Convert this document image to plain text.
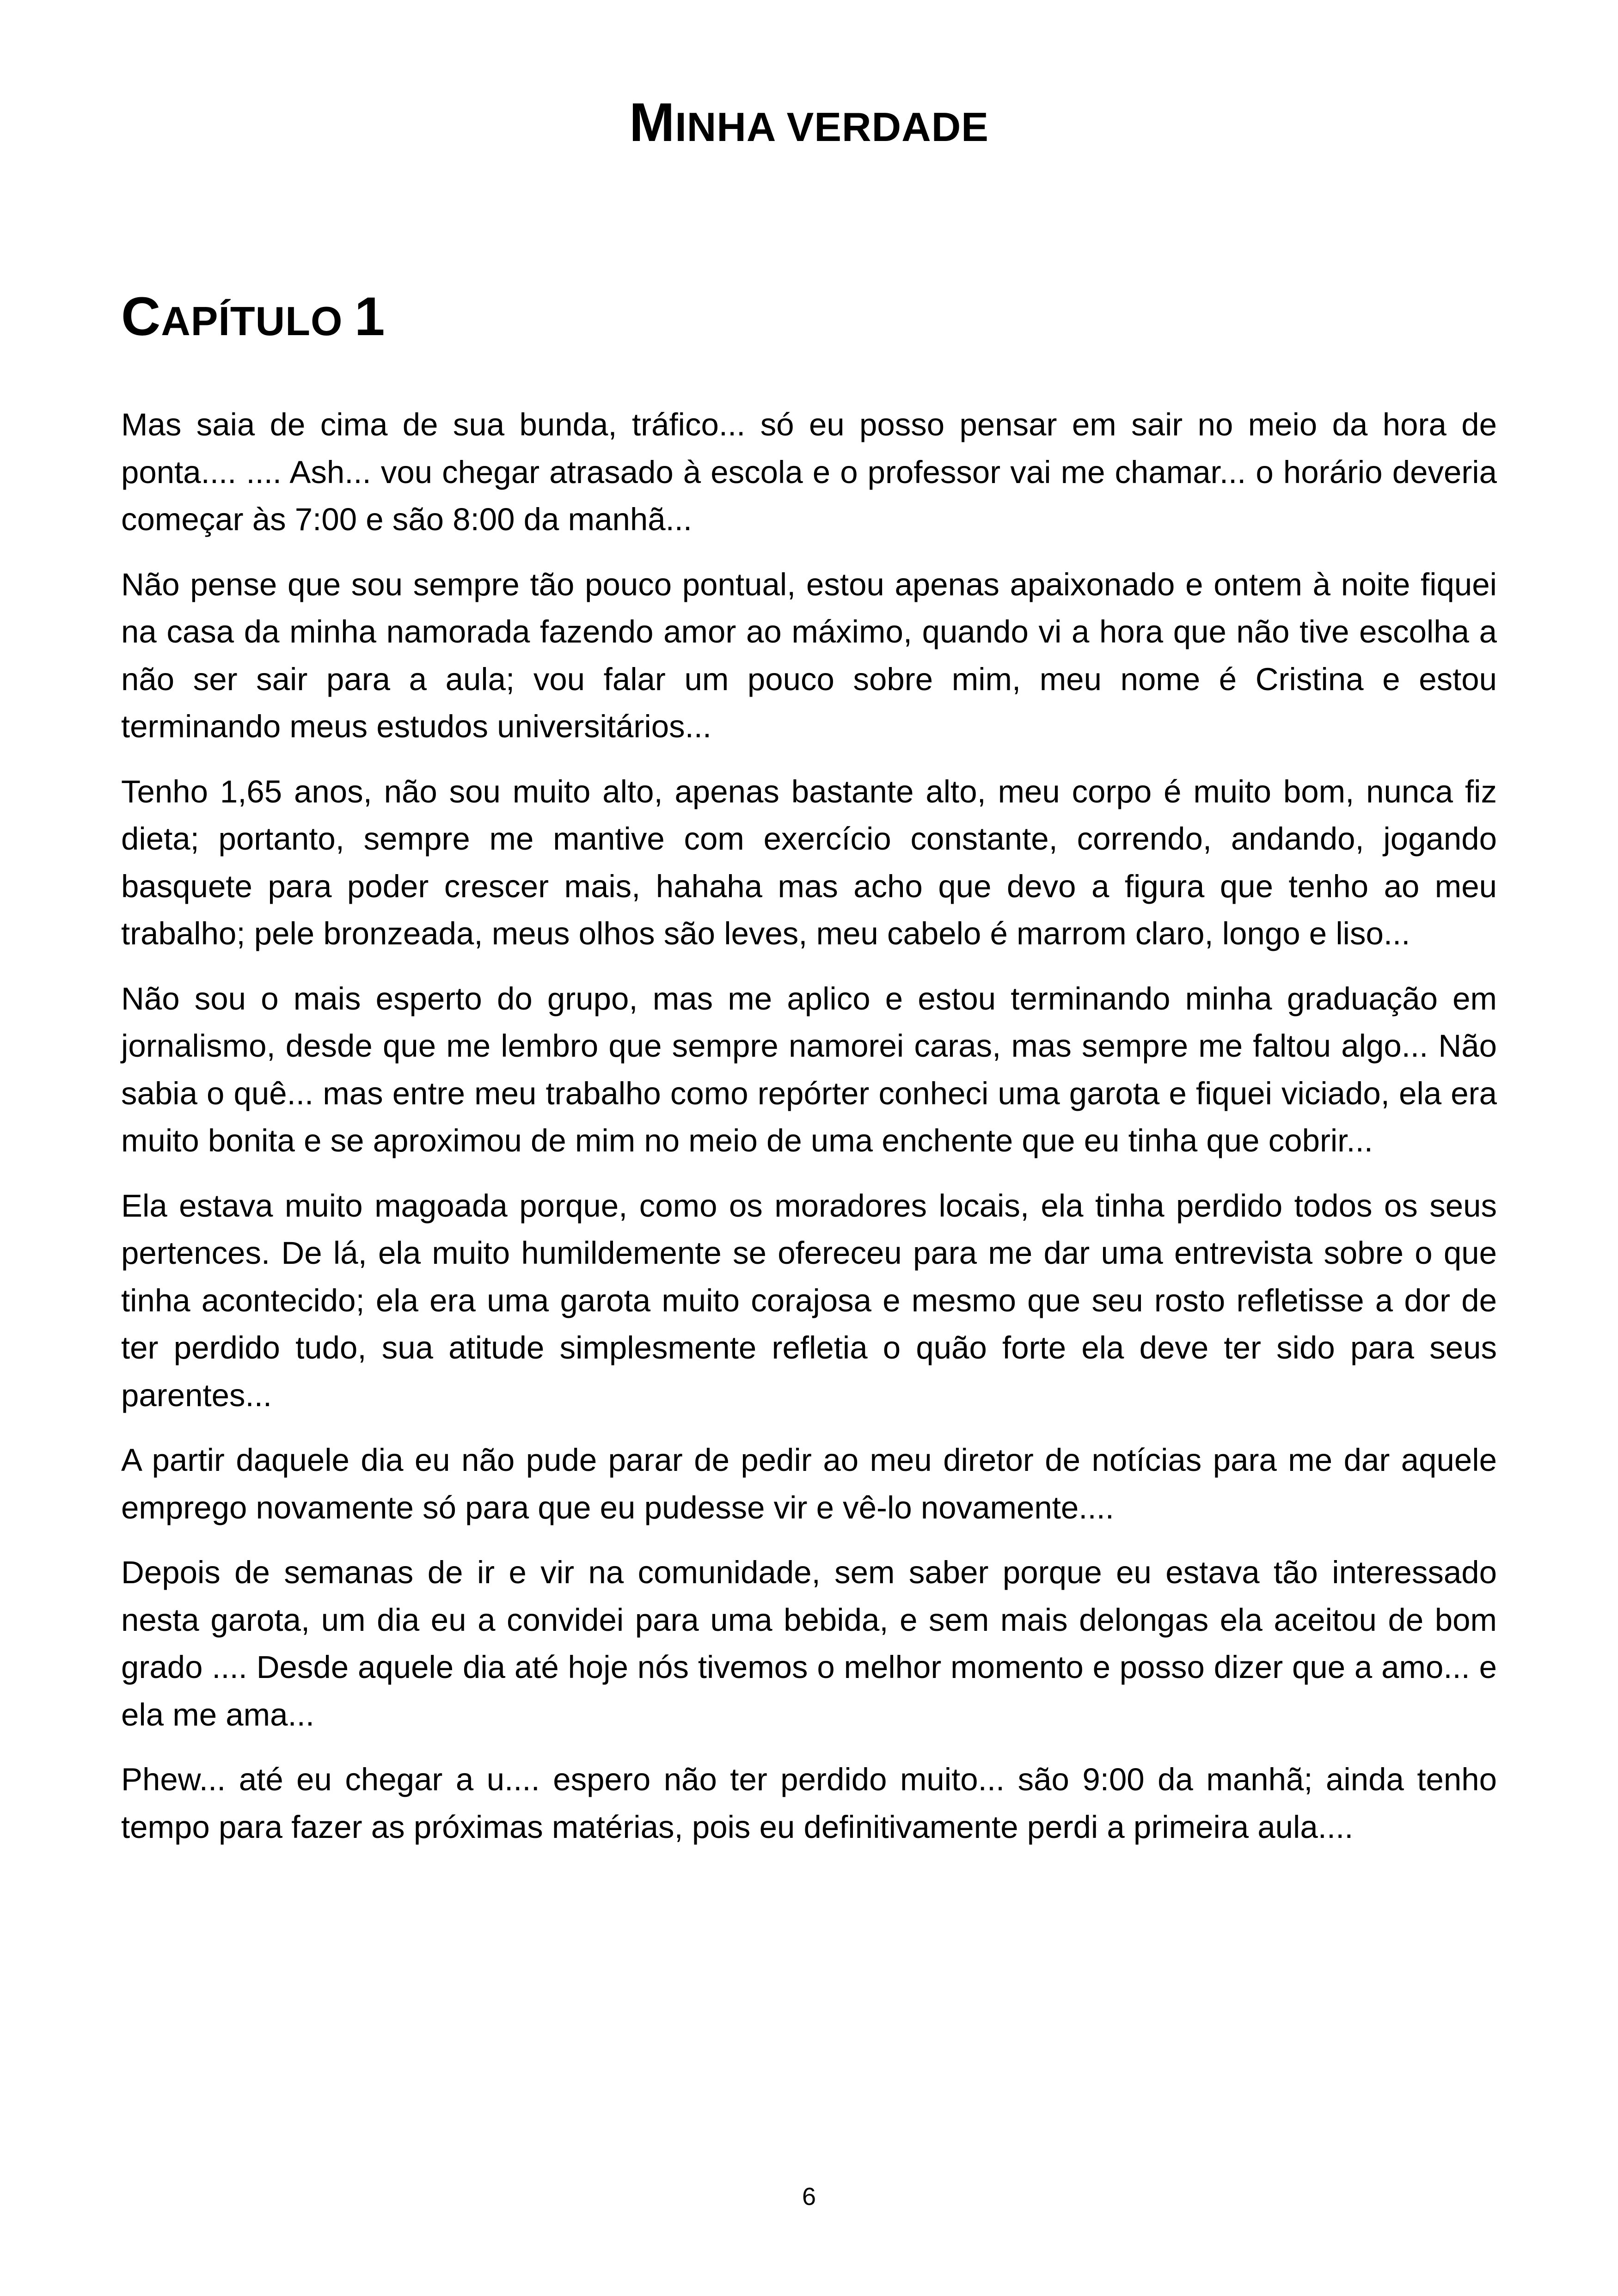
MINHA VERDADE
CAPÍTULO 1

Mas saia de cima de sua bunda, tráfico... só eu posso pensar em sair no meio da hora de ponta.... .... Ash... vou chegar atrasado à escola e o professor vai me chamar... o horário deveria começar às 7:00 e são 8:00 da manhã...

Não pense que sou sempre tão pouco pontual, estou apenas apaixonado e ontem à noite fiquei na casa da minha namorada fazendo amor ao máximo, quando vi a hora que não tive escolha a não ser sair para a aula; vou falar um pouco sobre mim, meu nome é Cristina e estou terminando meus estudos universitários...

Tenho 1,65 anos, não sou muito alto, apenas bastante alto, meu corpo é muito bom, nunca fiz dieta; portanto, sempre me mantive com exercício constante, correndo, andando, jogando basquete para poder crescer mais, hahaha mas acho que devo a figura que tenho ao meu trabalho; pele bronzeada, meus olhos são leves, meu cabelo é marrom claro, longo e liso...

Não sou o mais esperto do grupo, mas me aplico e estou terminando minha graduação em jornalismo, desde que me lembro que sempre namorei caras, mas sempre me faltou algo... Não sabia o quê... mas entre meu trabalho como repórter conheci uma garota e fiquei viciado, ela era muito bonita e se aproximou de mim no meio de uma enchente que eu tinha que cobrir...

Ela estava muito magoada porque, como os moradores locais, ela tinha perdido todos os seus pertences. De lá, ela muito humildemente se ofereceu para me dar uma entrevista sobre o que tinha acontecido; ela era uma garota muito corajosa e mesmo que seu rosto refletisse a dor de ter perdido tudo, sua atitude simplesmente refletia o quão forte ela deve ter sido para seus parentes...

A partir daquele dia eu não pude parar de pedir ao meu diretor de notícias para me dar aquele emprego novamente só para que eu pudesse vir e vê-lo novamente....

Depois de semanas de ir e vir na comunidade, sem saber porque eu estava tão interessado nesta garota, um dia eu a convidei para uma bebida, e sem mais delongas ela aceitou de bom grado .... Desde aquele dia até hoje nós tivemos o melhor momento e posso dizer que a amo... e ela me ama...

Phew... até eu chegar a u.... espero não ter perdido muito... são 9:00 da manhã; ainda tenho tempo para fazer as próximas matérias, pois eu definitivamente perdi a primeira aula....

6
